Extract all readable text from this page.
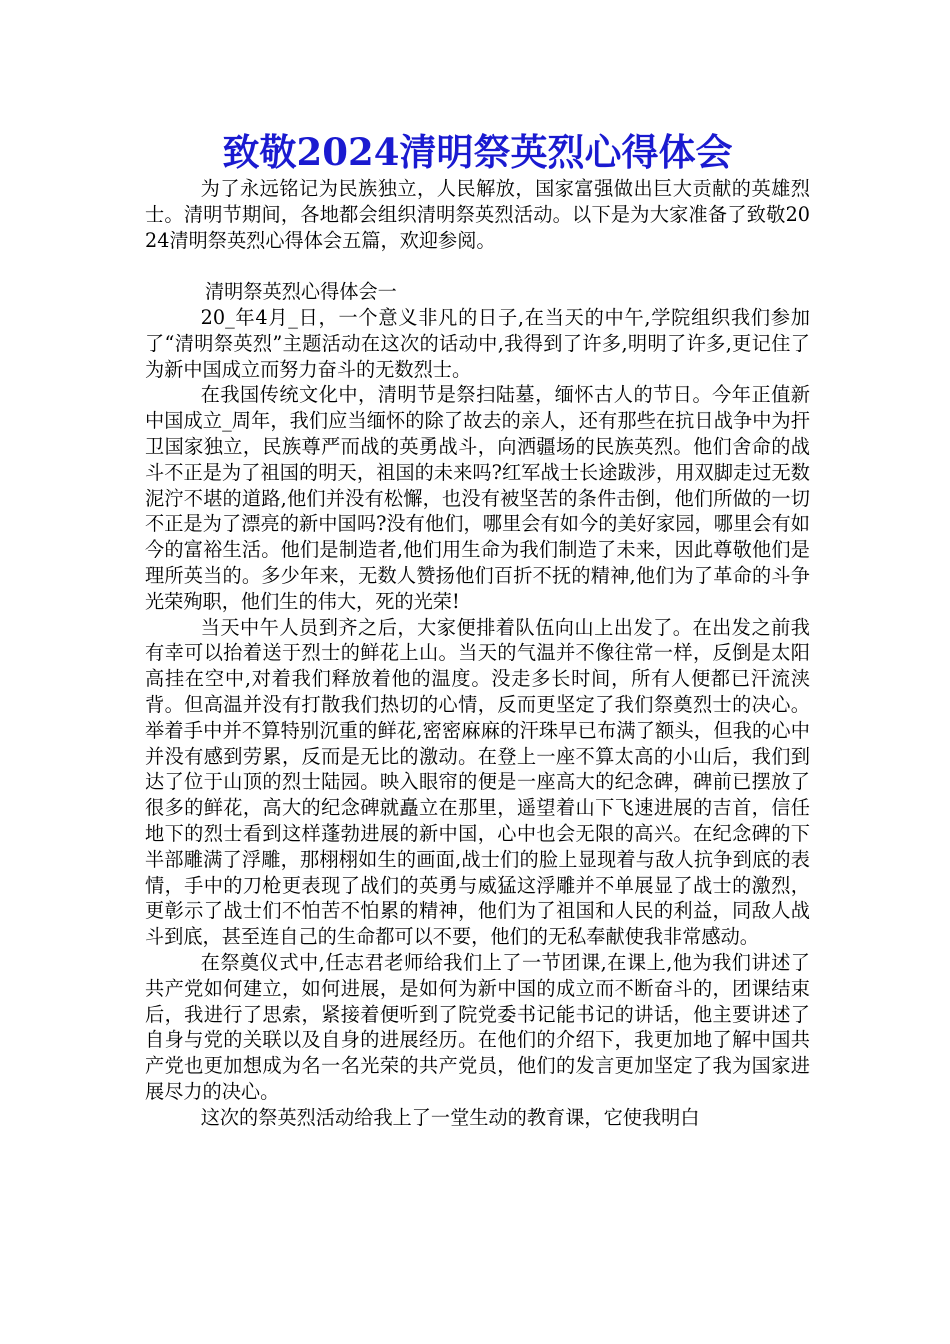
致敬2024清明祭英烈心得体会

为了永远铭记为民族独立，人民解放，国家富强做出巨大贡献的英雄烈士。清明节期间，各地都会组织清明祭英烈活动。以下是为大家准备了致敬2024清明祭英烈心得体会五篇，欢迎参阅。

清明祭英烈心得体会一

20_年4月_日，一个意义非凡的日子,在当天的中午,学院组织我们参加了“清明祭英烈”主题活动在这次的话动中,我得到了许多,明明了许多,更记住了为新中国成立而努力奋斗的无数烈士。

在我国传统文化中，清明节是祭扫陆墓，缅怀古人的节日。今年正值新中国成立_周年，我们应当缅怀的除了故去的亲人，还有那些在抗日战争中为扞卫国家独立，民族尊严而战的英勇战斗，向洒疆场的民族英烈。他们舍命的战斗不正是为了祖国的明天，祖国的未来吗?红军战士长途跋涉，用双脚走过无数泥泞不堪的道路,他们并没有松懈，也没有被坚苦的条件击倒，他们所做的一切不正是为了漂亮的新中国吗?没有他们，哪里会有如今的美好家园，哪里会有如今的富裕生活。他们是制造者,他们用生命为我们制造了未来，因此尊敬他们是理所英当的。多少年来，无数人赞扬他们百折不抚的精神,他们为了革命的斗争光荣殉职，他们生的伟大，死的光荣!

当天中午人员到齐之后，大家便排着队伍向山上出发了。在出发之前我有幸可以抬着送于烈士的鲜花上山。当天的气温并不像往常一样，反倒是太阳高挂在空中,对着我们释放着他的温度。没走多长时间，所有人便都已汗流浃背。但高温并没有打散我们热切的心情，反而更坚定了我们祭奠烈士的决心。举着手中并不算特别沉重的鲜花,密密麻麻的汗珠早已布满了额头，但我的心中并没有感到劳累，反而是无比的激动。在登上一座不算太高的小山后，我们到达了位于山顶的烈士陆园。映入眼帘的便是一座高大的纪念碑，碑前已摆放了很多的鲜花，高大的纪念碑就矗立在那里，遥望着山下飞速进展的吉首，信任地下的烈士看到这样蓬勃进展的新中国，心中也会无限的高兴。在纪念碑的下半部雕满了浮雕，那栩栩如生的画面,战士们的脸上显现着与敌人抗争到底的表情，手中的刀枪更表现了战们的英勇与威猛这浮雕并不单展显了战士的激烈，更彰示了战士们不怕苦不怕累的精神，他们为了祖国和人民的利益，同敌人战斗到底，甚至连自己的生命都可以不要，他们的无私奉献使我非常感动。

在祭奠仪式中,任志君老师给我们上了一节团课,在课上,他为我们讲述了共产党如何建立，如何进展，是如何为新中国的成立而不断奋斗的，团课结束后，我进行了思索，紧接着便听到了院党委书记能书记的讲话，他主要讲述了自身与党的关联以及自身的进展经历。在他们的介绍下，我更加地了解中国共产党也更加想成为名一名光荣的共产党员，他们的发言更加坚定了我为国家进展尽力的决心。

这次的祭英烈活动给我上了一堂生动的教育课，它使我明白
